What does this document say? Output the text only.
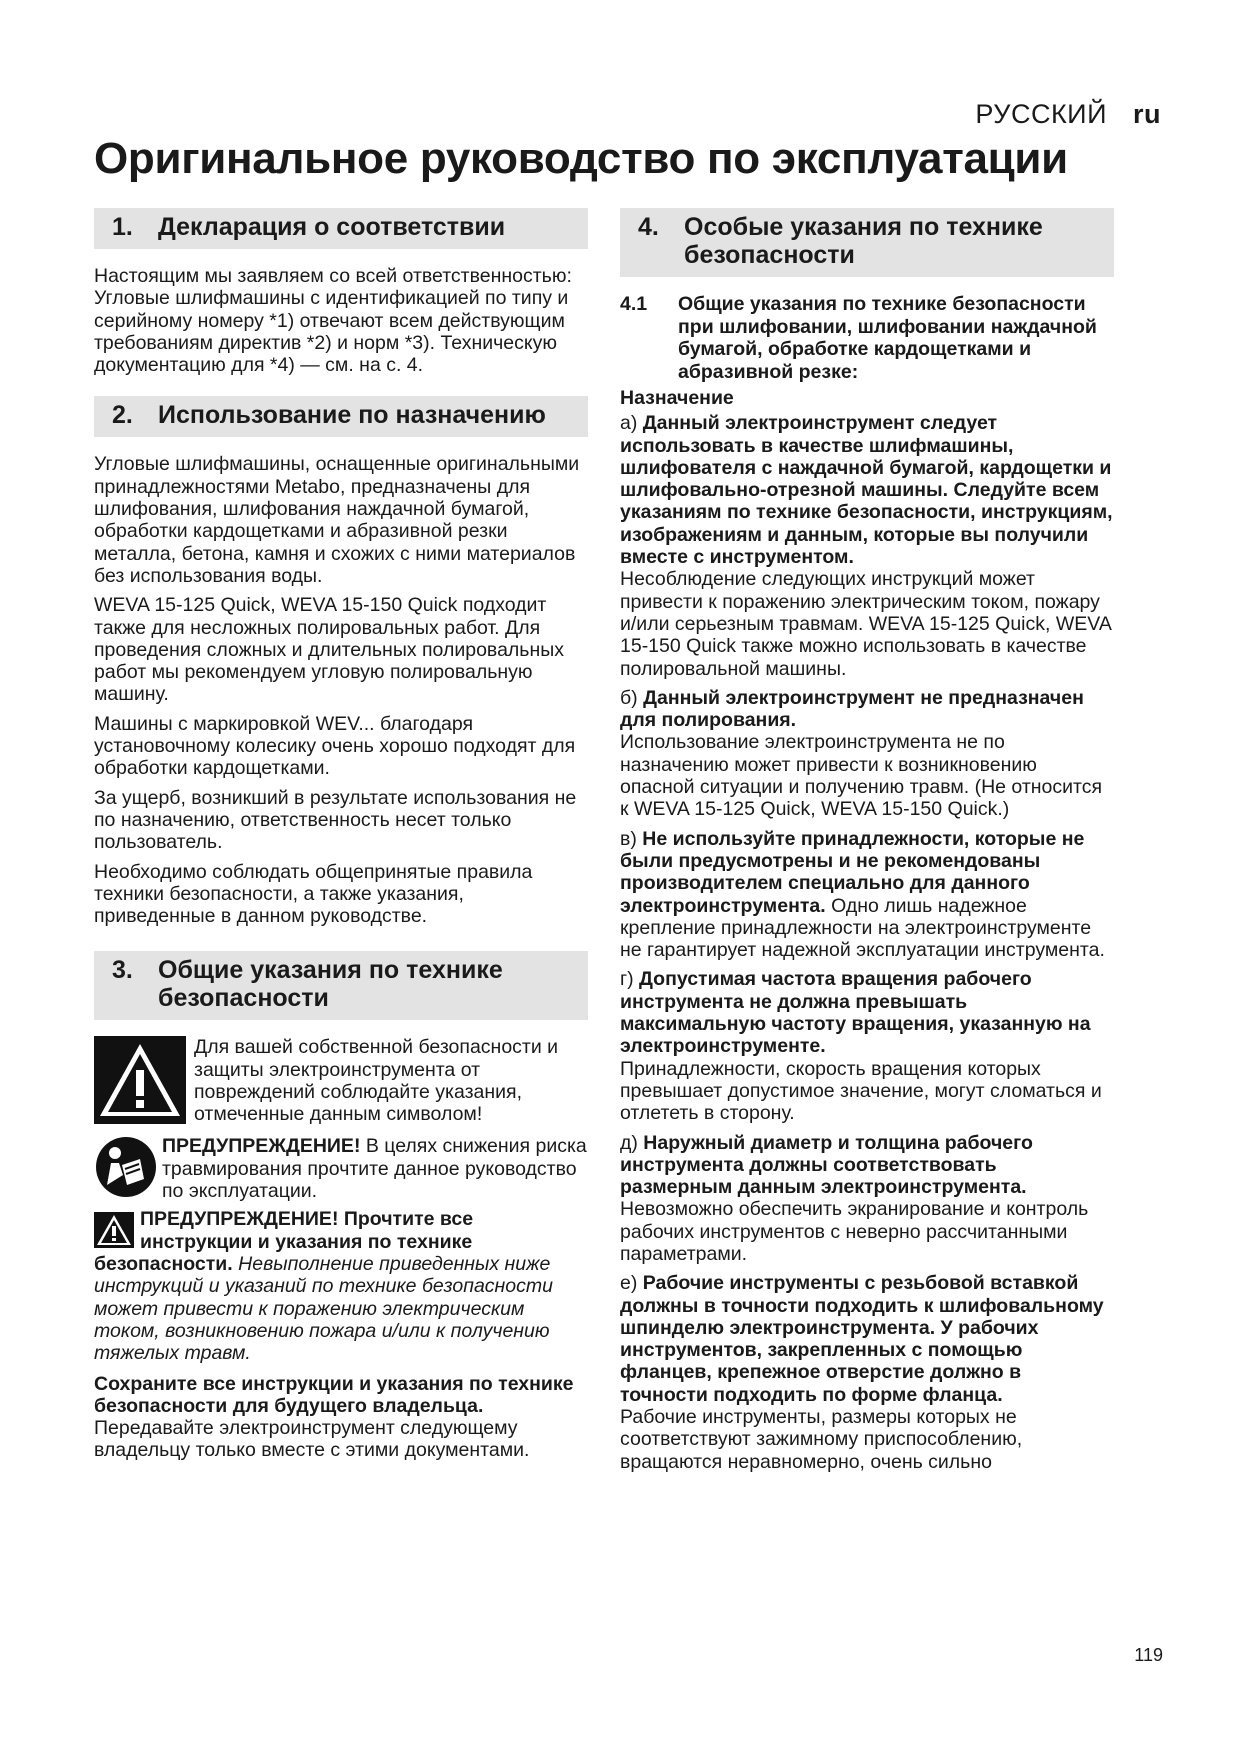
РУССКИЙ ru
Оригинальное руководство по эксплуатации
1.	Декларация о соответствии

Настоящим мы заявляем со всей ответственностью: Угловые шлифмашины с идентификацией по типу и серийному номеру *1) отвечают всем действующим требованиям директив *2) и норм *3). Техническую документацию для *4) — см. на с. 4.

2.	Использование по назначению

Угловые шлифмашины, оснащенные оригинальными принадлежностями Metabo, предназначены для шлифования, шлифования наждачной бумагой, обработки кардощетками и абразивной резки металла, бетона, камня и схожих с ними материалов без использования воды.

WEVA 15-125 Quick, WEVA 15-150 Quick подходит также для несложных полировальных работ. Для проведения сложных и длительных полировальных работ мы рекомендуем угловую полировальную машину.

Машины с маркировкой WEV... благодаря установочному колесику очень хорошо подходят для обработки кардощетками.

За ущерб, возникший в результате использования не по назначению, ответственность несет только пользователь.

Необходимо соблюдать общепринятые правила техники безопасности, а также указания, приведенные в данном руководстве.

3.	Общие указания по технике безопасности

Для вашей собственной безопасности и защиты электроинструмента от повреждений соблюдайте указания, отмеченные данным символом!

ПРЕДУПРЕЖДЕНИЕ! В целях снижения риска травмирования прочтите данное руководство по эксплуатации.

ПРЕДУПРЕЖДЕНИЕ! Прочтите все инструкции и указания по технике безопасности. Невыполнение приведенных ниже инструкций и указаний по технике безопасности может привести к поражению электрическим током, возникновению пожара и/или к получению тяжелых травм.

Сохраните все инструкции и указания по технике безопасности для будущего владельца.

Передавайте электроинструмент следующему владельцу только вместе с этими документами.

4.	Особые указания по технике безопасности
4.1	Общие указания по технике безопасности при шлифовании, шлифовании наждачной бумагой, обработке кардощетками и абразивной резке:

Назначение

а) Данный электроинструмент следует использовать в качестве шлифмашины, шлифователя с наждачной бумагой, кардощетки и шлифовально-отрезной машины. Следуйте всем указаниям по технике безопасности, инструкциям, изображениям и данным, которые вы получили вместе с инструментом.
Несоблюдение следующих инструкций может привести к поражению электрическим током, пожару и/или серьезным травмам. WEVA 15-125 Quick, WEVA 15-150 Quick также можно использовать в качестве полировальной машины.

б) Данный электроинструмент не предназначен для полирования.
Использование электроинструмента не по назначению может привести к возникновению опасной ситуации и получению травм. (Не относится к WEVA 15-125 Quick, WEVA 15-150 Quick.)

в) Не используйте принадлежности, которые не были предусмотрены и не рекомендованы производителем специально для данного электроинструмента. Одно лишь надежное крепление принадлежности на электроинструменте не гарантирует надежной эксплуатации инструмента.

г) Допустимая частота вращения рабочего инструмента не должна превышать максимальную частоту вращения, указанную на электроинструменте.
Принадлежности, скорость вращения которых превышает допустимое значение, могут сломаться и отлететь в сторону.

д) Наружный диаметр и толщина рабочего инструмента должны соответствовать размерным данным электроинструмента.
Невозможно обеспечить экранирование и контроль рабочих инструментов с неверно рассчитанными параметрами.

е) Рабочие инструменты с резьбовой вставкой должны в точности подходить к шлифовальному шпинделю электроинструмента. У рабочих инструментов, закрепленных с помощью фланцев, крепежное отверстие должно в точности подходить по форме фланца.
Рабочие инструменты, размеры которых не соответствуют зажимному приспособлению, вращаются неравномерно, очень сильно

119
